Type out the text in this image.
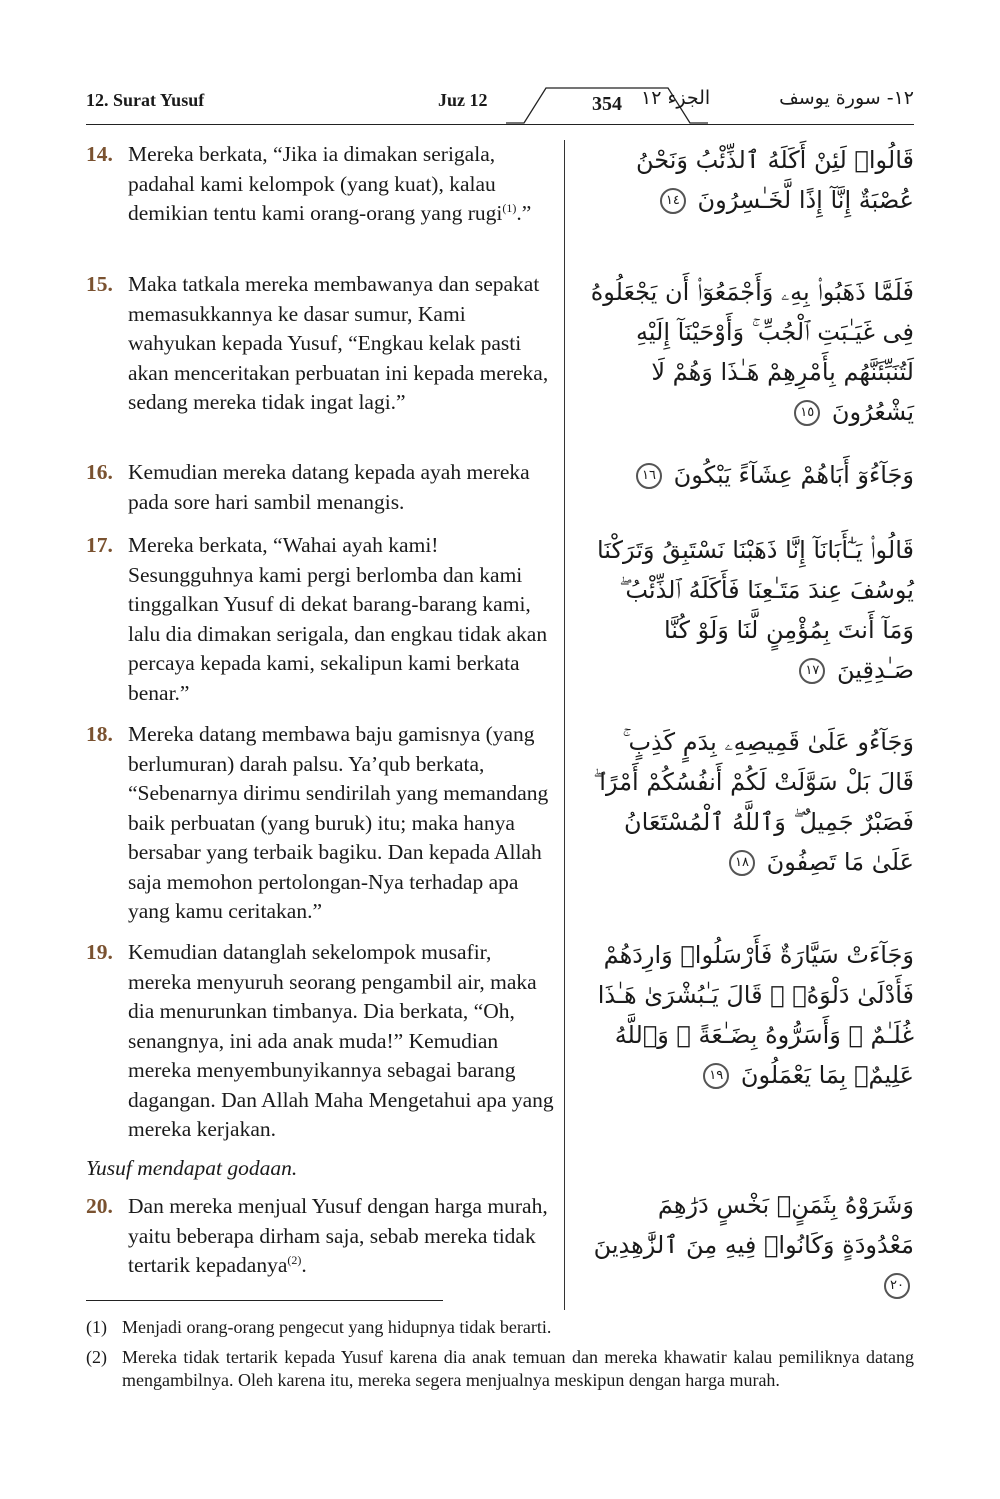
12. Surat Yusuf	Juz 12	354	الجزء ١٢	١٢- سورة يوسف
14. Mereka berkata, “Jika ia dimakan serigala, padahal kami kelompok (yang kuat), kalau demikian tentu kami orang-orang yang rugi$^{(1)}$.”
قَالُوا۟ لَئِنْ أَكَلَهُ ٱلذِّئْبُ وَنَحْنُ عُصْبَةٌ إِنَّآ إِذًا لَّخَـٰسِرُونَ ١٤
15. Maka tatkala mereka membawanya dan sepakat memasukkannya ke dasar sumur, Kami wahyukan kepada Yusuf, “Engkau kelak pasti akan menceritakan perbuatan ini kepada mereka, sedang mereka tidak ingat lagi.”
فَلَمَّا ذَهَبُوا۟ بِهِۦ وَأَجْمَعُوٓا۟ أَن يَجْعَلُوهُ فِى غَيَـٰبَتِ ٱلْجُبِّ ۚ وَأَوْحَيْنَآ إِلَيْهِ لَتُنَبِّئَنَّهُم بِأَمْرِهِمْ هَـٰذَا وَهُمْ لَا يَشْعُرُونَ ١٥
16. Kemudian mereka datang kepada ayah mereka pada sore hari sambil menangis.
وَجَآءُوٓ أَبَاهُمْ عِشَآءً يَبْكُونَ ١٦
17. Mereka berkata, “Wahai ayah kami! Sesungguhnya kami pergi berlomba dan kami tinggalkan Yusuf di dekat barang-barang kami, lalu dia dimakan serigala, dan engkau tidak akan percaya kepada kami, sekalipun kami berkata benar.”
قَالُوا۟ يَـٰٓأَبَانَآ إِنَّا ذَهَبْنَا نَسْتَبِقُ وَتَرَكْنَا يُوسُفَ عِندَ مَتَـٰعِنَا فَأَكَلَهُ ٱلذِّئْبُ ۖ وَمَآ أَنتَ بِمُؤْمِنٍ لَّنَا وَلَوْ كُنَّا صَـٰدِقِينَ ١٧
18. Mereka datang membawa baju gamisnya (yang berlumuran) darah palsu. Ya’qub berkata, “Sebenarnya dirimu sendirilah yang memandang baik perbuatan (yang buruk) itu; maka hanya bersabar yang terbaik bagiku. Dan kepada Allah saja memohon pertolongan-Nya terhadap apa yang kamu ceritakan.”
وَجَآءُو عَلَىٰ قَمِيصِهِۦ بِدَمٍ كَذِبٍ ۚ قَالَ بَلْ سَوَّلَتْ لَكُمْ أَنفُسُكُمْ أَمْرًا ۖ فَصَبْرٌ جَمِيلٌ ۖ وَٱللَّهُ ٱلْمُسْتَعَانُ عَلَىٰ مَا تَصِفُونَ ١٨
19. Kemudian datanglah sekelompok musafir, mereka menyuruh seorang pengambil air, maka dia menurunkan timbanya. Dia berkata, “Oh, senangnya, ini ada anak muda!” Kemudian mereka menyembunyikannya sebagai barang dagangan. Dan Allah Maha Mengetahui apa yang mereka kerjakan.
وَجَآءَتْ سَيَّارَةٌ فَأَرْسَلُوا۟ وَارِدَهُمْ فَأَدْلَىٰ دَلْوَهُۥ ۖ قَالَ يَـٰبُشْرَىٰ هَـٰذَا غُلَـٰمٌ ۚ وَأَسَرُّوهُ بِضَـٰعَةً ۚ وَٱللَّهُ عَلِيمٌۢ بِمَا يَعْمَلُونَ ١٩
Yusuf mendapat godaan.
20. Dan mereka menjual Yusuf dengan harga murah, yaitu beberapa dirham saja, sebab mereka tidak tertarik kepadanya$^{(2)}$.
وَشَرَوْهُ بِثَمَنٍۭ بَخْسٍ دَرَٰهِمَ مَعْدُودَةٍ وَكَانُوا۟ فِيهِ مِنَ ٱلزَّٰهِدِينَ ٢٠
(1) Menjadi orang-orang pengecut yang hidupnya tidak berarti.
(2) Mereka tidak tertarik kepada Yusuf karena dia anak temuan dan mereka khawatir kalau pemiliknya datang mengambilnya. Oleh karena itu, mereka segera menjualnya meskipun dengan harga murah.
